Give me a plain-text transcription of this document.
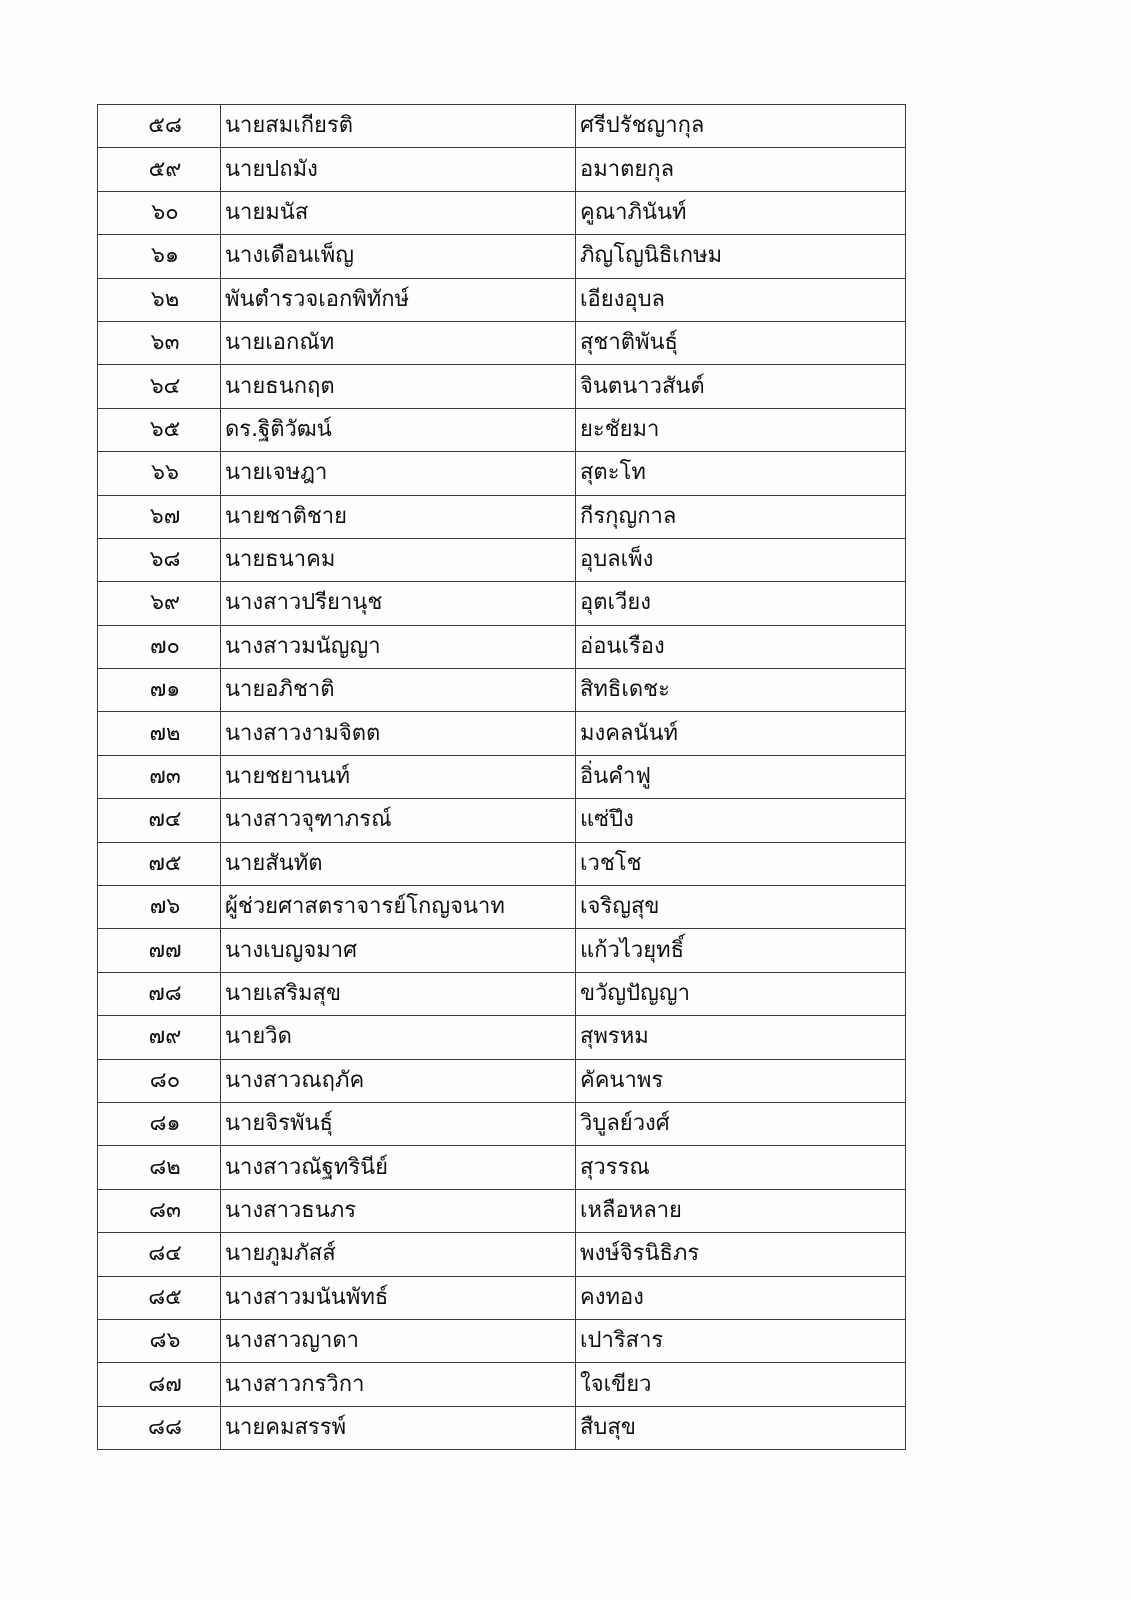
๕๘	นายสมเกียรติ	ศรีปรัชญากุล
๕๙	นายปถมัง	อมาตยกุล
๖๐	นายมนัส	คูณาภินันท์
๖๑	นางเดือนเพ็ญ	ภิญโญนิธิเกษม
๖๒	พันตำรวจเอกพิทักษ์	เอียงอุบล
๖๓	นายเอกณัท	สุชาติพันธุ์
๖๔	นายธนกฤต	จินตนาวสันต์
๖๕	ดร.ฐิติวัฒน์	ยะชัยมา
๖๖	นายเจษฎา	สุตะโท
๖๗	นายชาติชาย	กีรกุญกาล
๖๘	นายธนาคม	อุบลเพ็ง
๖๙	นางสาวปรียานุช	อุตเวียง
๗๐	นางสาวมนัญญา	อ่อนเรือง
๗๑	นายอภิชาติ	สิทธิเดชะ
๗๒	นางสาวงามจิตต	มงคลนันท์
๗๓	นายชยานนท์	อิ่นคำฟู
๗๔	นางสาวจุฑาภรณ์	แซ่ปึง
๗๕	นายสันทัต	เวชโช
๗๖	ผู้ช่วยศาสตราจารย์โกญจนาท	เจริญสุข
๗๗	นางเบญจมาศ	แก้วไวยุทธิ์
๗๘	นายเสริมสุข	ขวัญปัญญา
๗๙	นายวิด	สุพรหม
๘๐	นางสาวณฤภัค	คัคนาพร
๘๑	นายจิรพันธุ์	วิบูลย์วงศ์
๘๒	นางสาวณัฐทรินีย์	สุวรรณ
๘๓	นางสาวธนภร	เหลือหลาย
๘๔	นายภูมภัสส์	พงษ์จิรนิธิภร
๘๕	นางสาวมนันพัทธ์	คงทอง
๘๖	นางสาวญาดา	เปาริสาร
๘๗	นางสาวกรวิกา	ใจเขียว
๘๘	นายคมสรรพ์	สืบสุข
